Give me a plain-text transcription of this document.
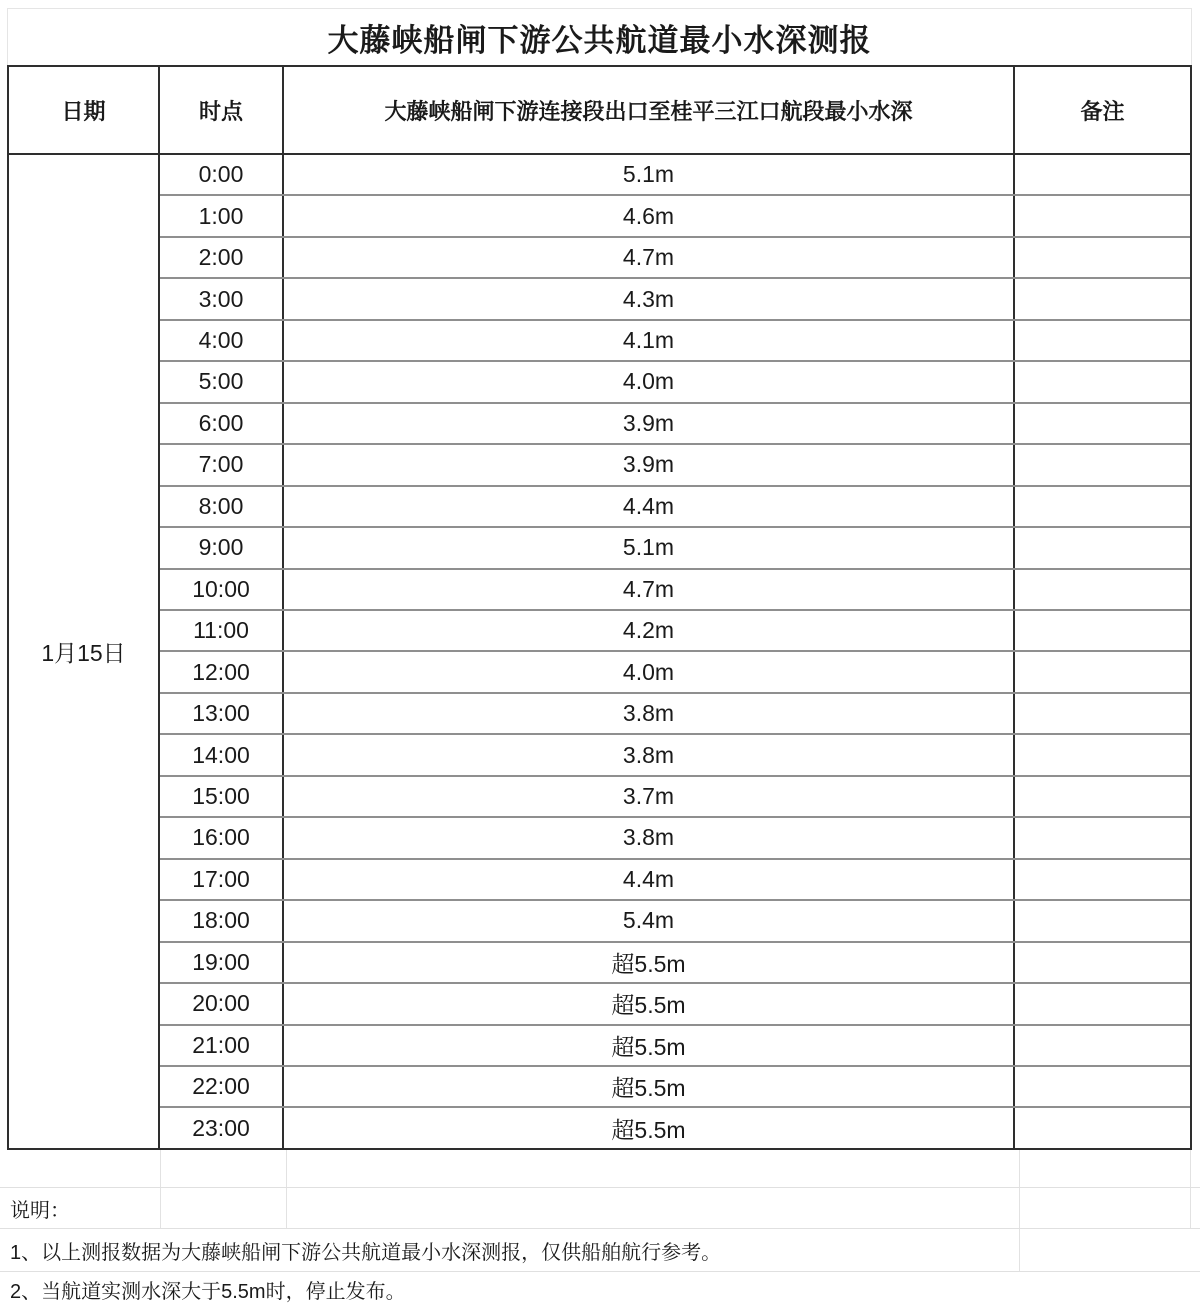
大藤峡船闸下游公共航道最小水深测报
日期	时点	大藤峡船闸下游连接段出口至桂平三江口航段最小水深	备注
1月15日
0:00	5.1m
1:00	4.6m
2:00	4.7m
3:00	4.3m
4:00	4.1m
5:00	4.0m
6:00	3.9m
7:00	3.9m
8:00	4.4m
9:00	5.1m
10:00	4.7m
11:00	4.2m
12:00	4.0m
13:00	3.8m
14:00	3.8m
15:00	3.7m
16:00	3.8m
17:00	4.4m
18:00	5.4m
19:00	超5.5m
20:00	超5.5m
21:00	超5.5m
22:00	超5.5m
23:00	超5.5m
说明：
1、以上测报数据为大藤峡船闸下游公共航道最小水深测报，仅供船舶航行参考。
2、当航道实测水深大于5.5m时，停止发布。
